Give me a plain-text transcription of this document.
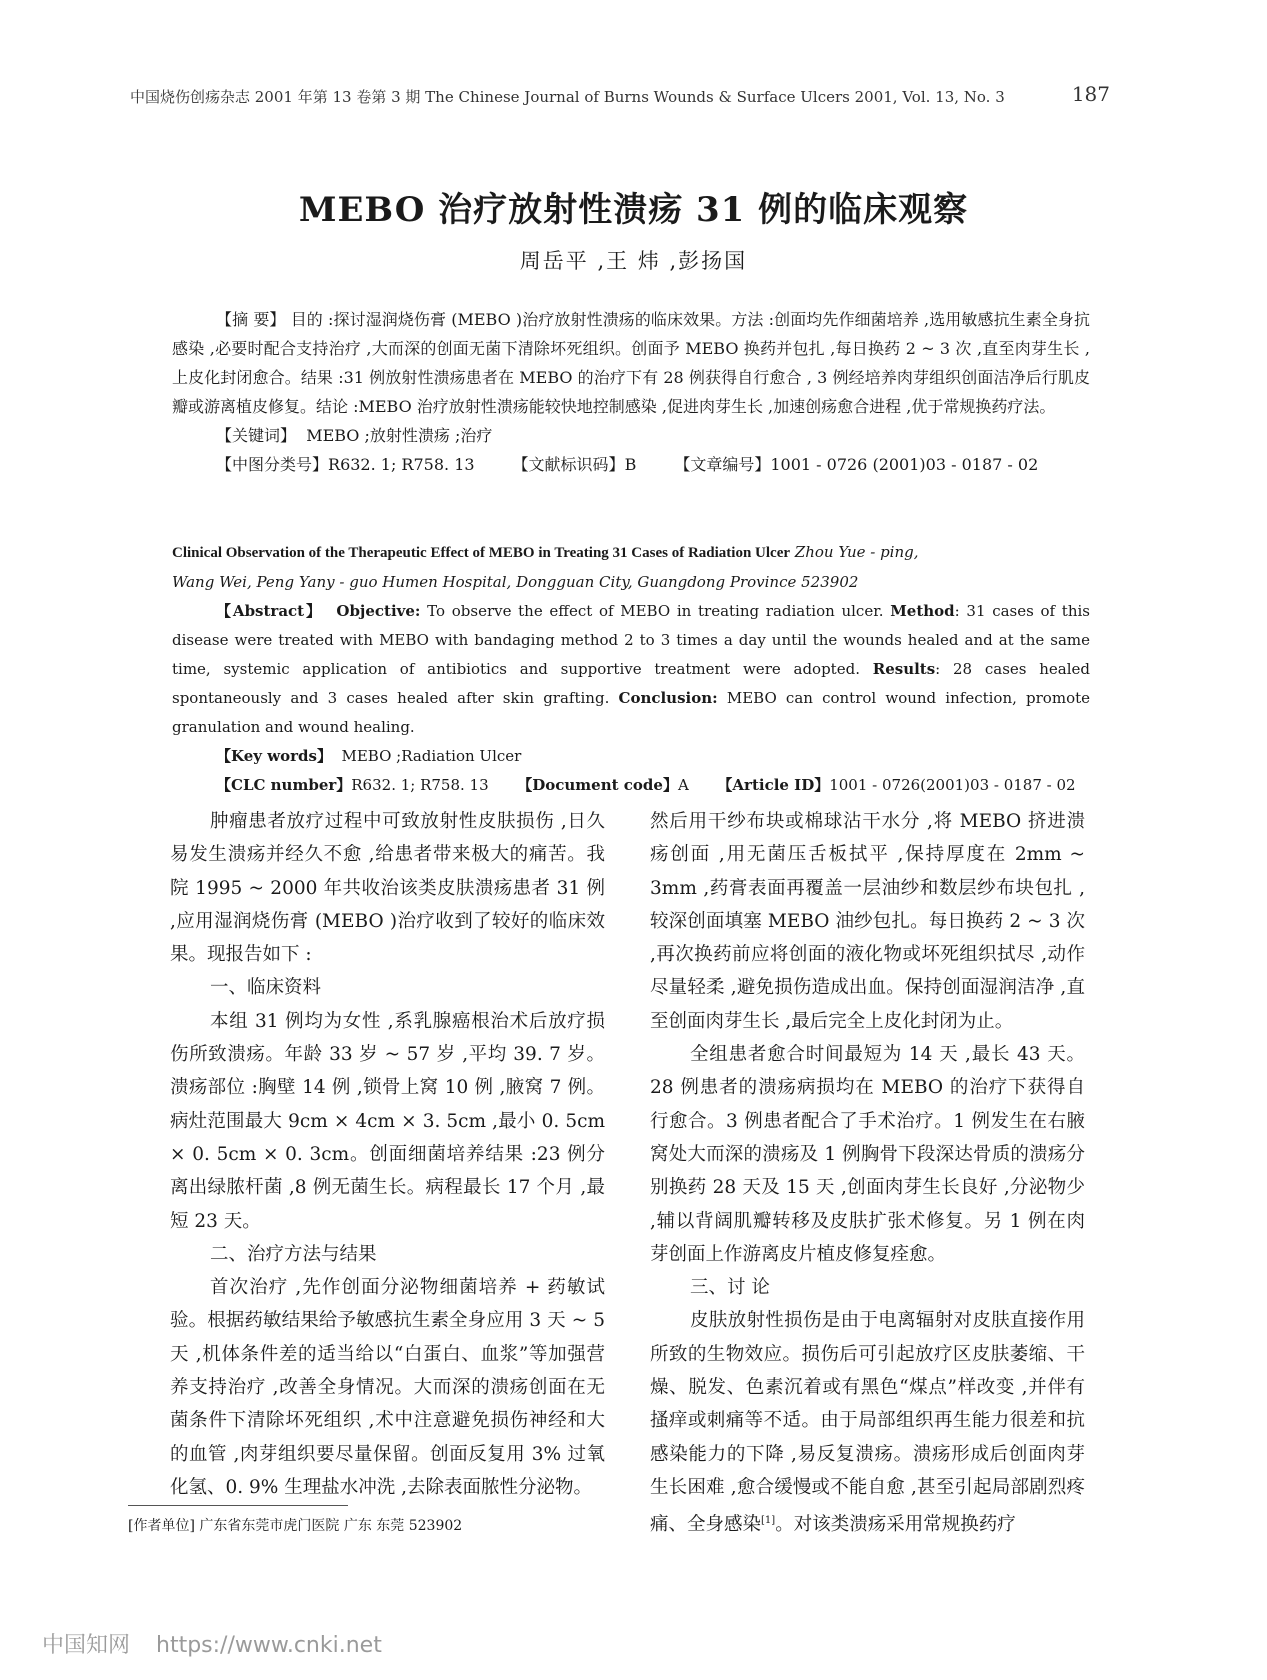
中国烧伤创疡杂志 2001 年第 13 卷第 3 期 The Chinese Journal of Burns Wounds & Surface Ulcers 2001, Vol. 13, No. 3	187
MEBO 治疗放射性溃疡 31 例的临床观察
周岳平 ,王 炜 ,彭扬国

【摘 要】 目的 :探讨湿润烧伤膏 (MEBO )治疗放射性溃疡的临床效果。方法 :创面均先作细菌培养 ,选用敏感抗生素全身抗感染 ,必要时配合支持治疗 ,大而深的创面无菌下清除坏死组织。创面予 MEBO 换药并包扎 ,每日换药 2 ~ 3 次 ,直至肉芽生长 ,上皮化封闭愈合。结果 :31 例放射性溃疡患者在 MEBO 的治疗下有 28 例获得自行愈合 , 3 例经培养肉芽组织创面洁净后行肌皮瓣或游离植皮修复。结论 :MEBO 治疗放射性溃疡能较快地控制感染 ,促进肉芽生长 ,加速创疡愈合进程 ,优于常规换药疗法。

【关键词】 MEBO ;放射性溃疡 ;治疗
【中图分类号】R632. 1; R758. 13 【文献标识码】B 【文章编号】1001 - 0726 (2001)03 - 0187 - 02

Clinical Observation of the Therapeutic Effect of MEBO in Treating 31 Cases of Radiation Ulcer Zhou Yue - ping,

Wang Wei, Peng Yany - guo Humen Hospital, Dongguan City, Guangdong Province 523902

【Abstract】 Objective: To observe the effect of MEBO in treating radiation ulcer. Method: 31 cases of this disease were treated with MEBO with bandaging method 2 to 3 times a day until the wounds healed and at the same time, systemic application of antibiotics and supportive treatment were adopted. Results: 28 cases healed spontaneously and 3 cases healed after skin grafting. Conclusion: MEBO can control wound infection, promote granulation and wound healing.

【Key words】 MEBO ;Radiation Ulcer

【CLC number】R632. 1; R758. 13 【Document code】A 【Article ID】1001 - 0726(2001)03 - 0187 - 02

肿瘤患者放疗过程中可致放射性皮肤损伤 ,日久易发生溃疡并经久不愈 ,给患者带来极大的痛苦。我院 1995 ~ 2000 年共收治该类皮肤溃疡患者 31 例 ,应用湿润烧伤膏 (MEBO )治疗收到了较好的临床效果。现报告如下 :

一、临床资料

本组 31 例均为女性 ,系乳腺癌根治术后放疗损伤所致溃疡。年龄 33 岁 ~ 57 岁 ,平均 39. 7 岁。溃疡部位 :胸壁 14 例 ,锁骨上窝 10 例 ,腋窝 7 例。病灶范围最大 9cm × 4cm × 3. 5cm ,最小 0. 5cm × 0. 5cm × 0. 3cm。创面细菌培养结果 :23 例分离出绿脓杆菌 ,8 例无菌生长。病程最长 17 个月 ,最短 23 天。

二、治疗方法与结果

首次治疗 ,先作创面分泌物细菌培养 + 药敏试验。根据药敏结果给予敏感抗生素全身应用 3 天 ~ 5 天 ,机体条件差的适当给以“白蛋白、血浆”等加强营养支持治疗 ,改善全身情况。大而深的溃疡创面在无菌条件下清除坏死组织 ,术中注意避免损伤神经和大的血管 ,肉芽组织要尽量保留。创面反复用 3% 过氧化氢、0. 9% 生理盐水冲洗 ,去除表面脓性分泌物。

然后用干纱布块或棉球沾干水分 ,将 MEBO 挤进溃疡创面 ,用无菌压舌板拭平 ,保持厚度在 2mm ~ 3mm ,药膏表面再覆盖一层油纱和数层纱布块包扎 ,较深创面填塞 MEBO 油纱包扎。每日换药 2 ~ 3 次 ,再次换药前应将创面的液化物或坏死组织拭尽 ,动作尽量轻柔 ,避免损伤造成出血。保持创面湿润洁净 ,直至创面肉芽生长 ,最后完全上皮化封闭为止。

全组患者愈合时间最短为 14 天 ,最长 43 天。28 例患者的溃疡病损均在 MEBO 的治疗下获得自行愈合。3 例患者配合了手术治疗。1 例发生在右腋窝处大而深的溃疡及 1 例胸骨下段深达骨质的溃疡分别换药 28 天及 15 天 ,创面肉芽生长良好 ,分泌物少 ,辅以背阔肌瓣转移及皮肤扩张术修复。另 1 例在肉芽创面上作游离皮片植皮修复痊愈。

三、讨 论

皮肤放射性损伤是由于电离辐射对皮肤直接作用所致的生物效应。损伤后可引起放疗区皮肤萎缩、干燥、脱发、色素沉着或有黑色“煤点”样改变 ,并伴有搔痒或刺痛等不适。由于局部组织再生能力很差和抗感染能力的下降 ,易反复溃疡。溃疡形成后创面肉芽生长困难 ,愈合缓慢或不能自愈 ,甚至引起局部剧烈疼痛、全身感染[1]。对该类溃疡采用常规换药疗

[作者单位] 广东省东莞市虎门医院 广东 东莞 523902
中国知网 https://www.cnki.net
